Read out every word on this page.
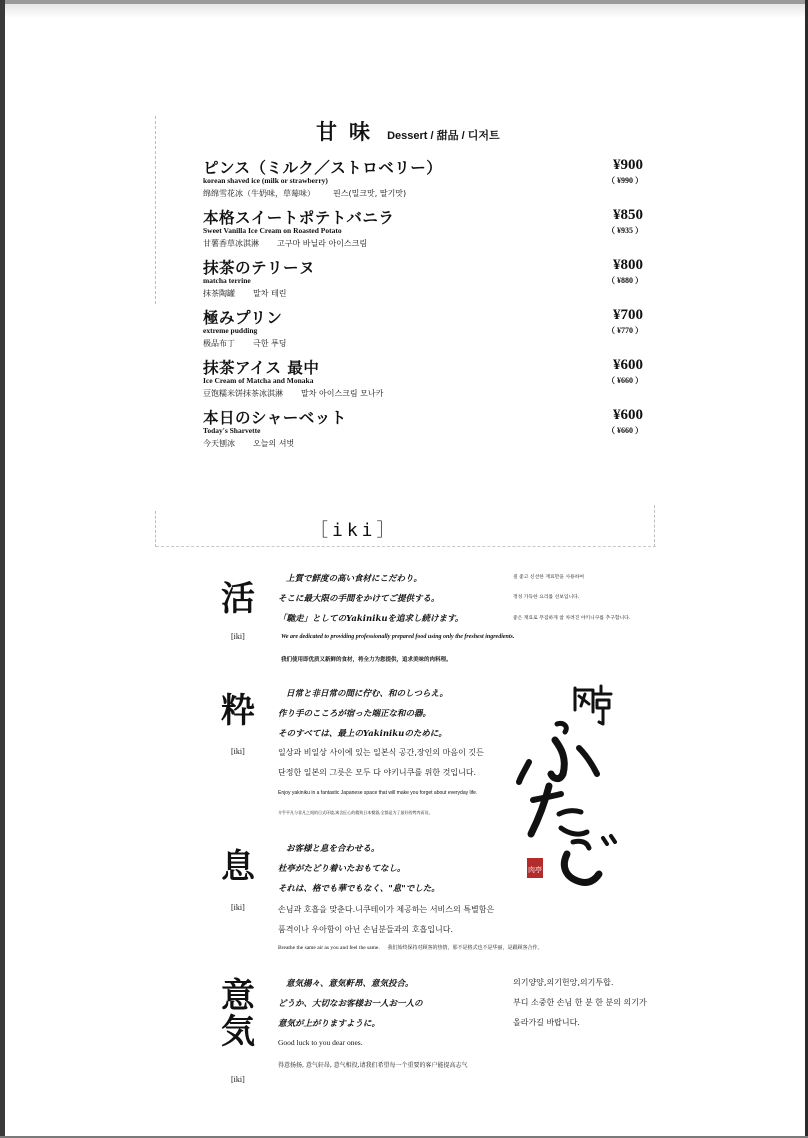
甘味 Dessert / 甜品 / 디저트
ピンス（ミルク／ストロベリー）
korean shaved ice (milk or strawberry)
绵绵雪花冰（牛奶味，草莓味） 핀스(밀크맛, 딸기맛)
¥900
（ ¥990 ）
本格スイートポテトバニラ
Sweet Vanilla Ice Cream on Roasted Potato
甘薯香草冰淇淋 고구마 바닐라 아이스크림
¥850
（ ¥935 ）
抹茶のテリーヌ
matcha terrine
抹茶陶罐 말차 테린
¥800
（ ¥880 ）
極みプリン
extreme pudding
极品布丁 극한 푸딩
¥700
（ ¥770 ）
抹茶アイス 最中
Ice Cream of Matcha and Monaka
豆饱糯米饼抹茶冰淇淋 말차 아이스크림 모나카
¥600
（ ¥660 ）
本日のシャーベット
Today's Sharvette
今天刨冰 오늘의 셔벗
¥600
（ ¥660 ）
［iki］
活
[iki]
上質で鮮度の高い食材にこだわり。
そこに最大限の手間をかけてご提供する。
「馳走」としてのYakinikuを追求し続けます。
질 좋고 신선한 재료만을 사용하여
정성 가득한 요리를 선보입니다.
좋은 재료로 푸짐하게 참 차려진 야키니쿠를 추구합니다.
We are dedicated to providing professionally prepared food using only the freshest ingredients.
我们使用即优质又新鲜的食材，将全力为您提供，追求美味的肉料理。
粋
[iki]
日常と非日常の間に佇む、和のしつらえ。
作り手のこころが宿った端正な和の器。
そのすべては、最上のYakinikuのために。
일상과 비일상 사이에 있는 일본식 공간,장인의 마음이 깃든
단정한 일본의 그릇은 모두 다 야키니쿠를 위한 것입니다.
Enjoy yakiniku in a fantastic Japanese space that will make you forget about everyday life.
介乎平凡与非凡之间的日式环境,寓含匠心的精致日本餐器,全都是为了最好的烤肉而设。
息
[iki]
お客様と息を合わせる。
杜亭がたどり着いたおもてなし。
それは、格でも華でもなく、"息"でした。
손님과 호흡을 맞춘다.니쿠테이가 제공하는 서비스의 특별함은
품격이나 우아함이 아닌 손님분들과의 호흡입니다.
Breathe the same air as you and feel the same. 我们始终保持对顾客的热情，那不是格式也不是华丽，是跟顾客合作。
意気
[iki]
意気揚々、意気軒昂、意気投合。
どうか、大切なお客様お一人お一人の
意気が上がりますように。
의기양양,의기헌앙,의기투합.
부디 소중한 손님 한 분 한 분의 의기가
올라가길 바랍니다.
Good luck to you dear ones.
得意扬扬, 意气轩昂, 意气相投,请我们希望每一个重要的客户能提高志气
肉亭
